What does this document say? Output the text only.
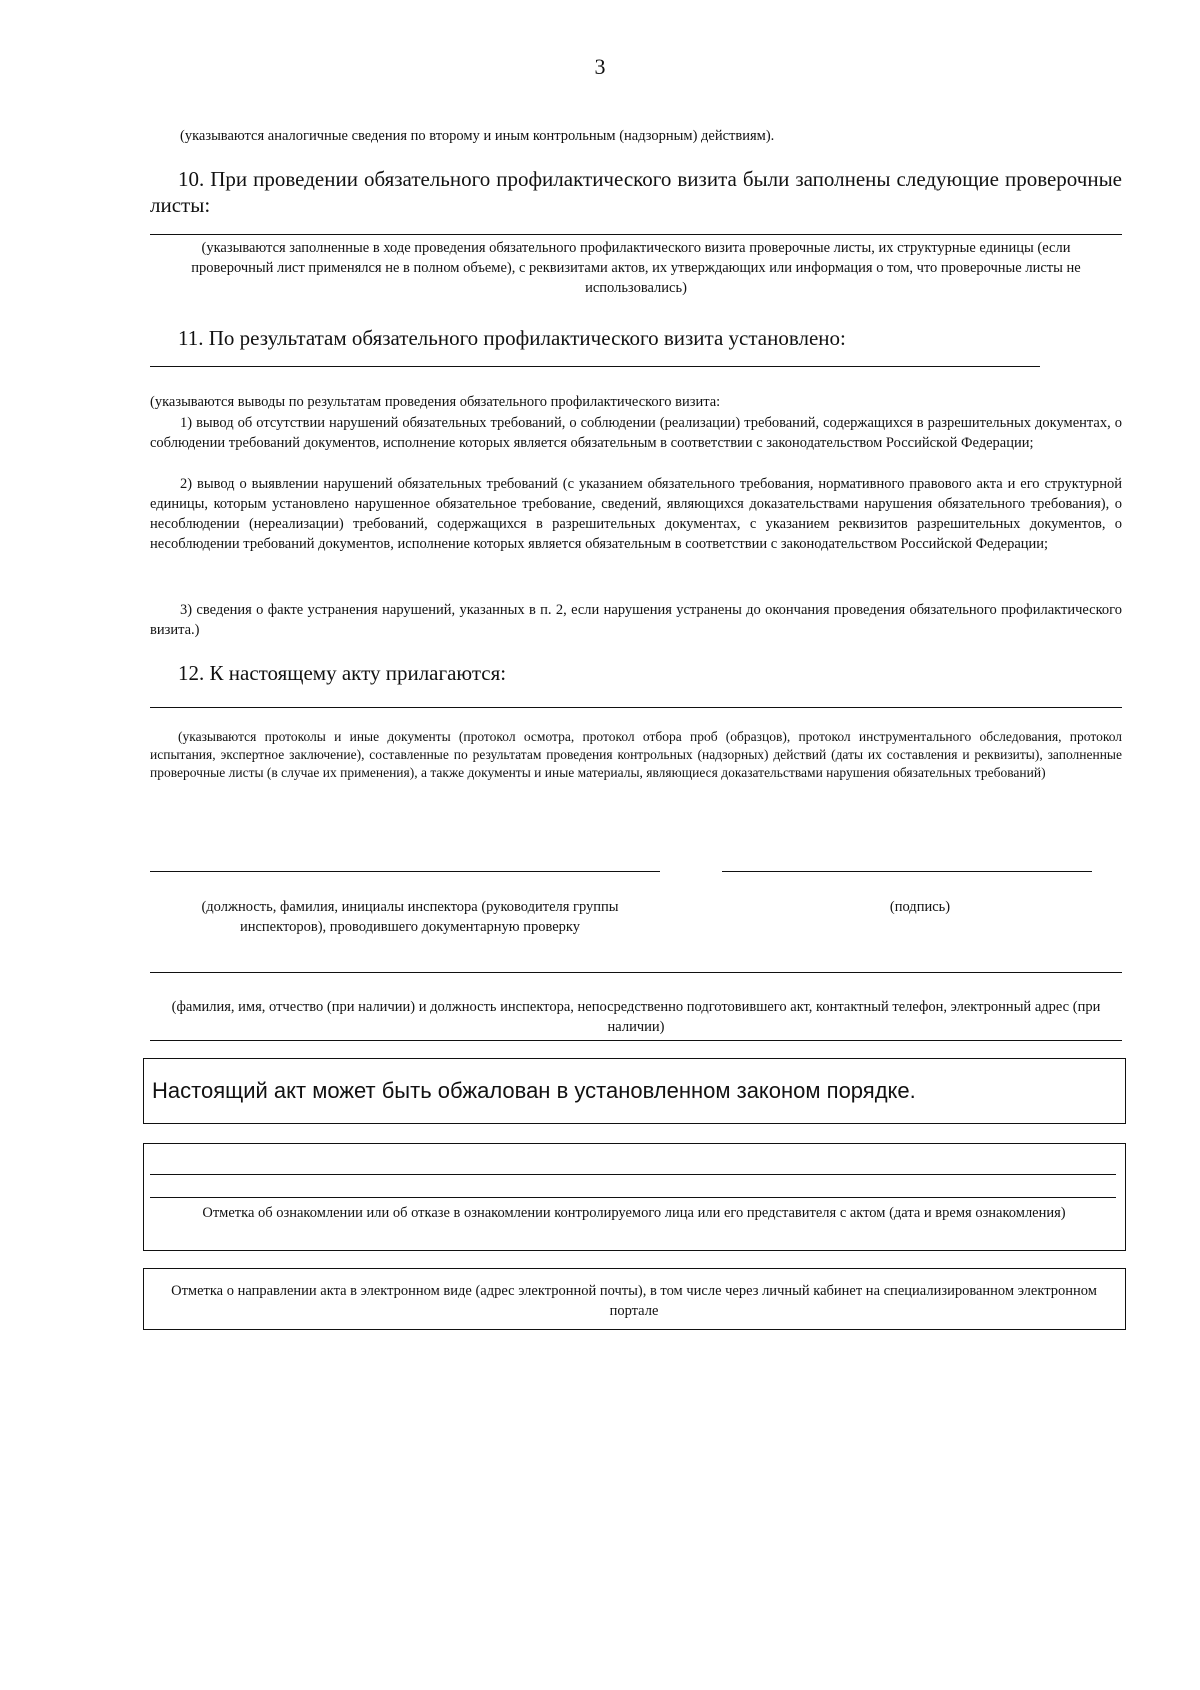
3
(указываются аналогичные сведения по второму и иным контрольным (надзорным) действиям).

10. При проведении обязательного профилактического визита были заполнены следующие проверочные листы:

(указываются заполненные в ходе проведения обязательного профилактического визита проверочные листы, их структурные единицы (если проверочный лист применялся не в полном объеме), с реквизитами актов, их утверждающих или информация о том, что проверочные листы не использовались)

11. По результатам обязательного профилактического визита установлено:

(указываются выводы по результатам проведения обязательного профилактического визита:

1) вывод об отсутствии нарушений обязательных требований, о соблюдении (реализации) требований, содержащихся в разрешительных документах, о соблюдении требований документов, исполнение которых является обязательным в соответствии с законодательством Российской Федерации;

2) вывод о выявлении нарушений обязательных требований (с указанием обязательного требования, нормативного правового акта и его структурной единицы, которым установлено нарушенное обязательное требование, сведений, являющихся доказательствами нарушения обязательного требования), о несоблюдении (нереализации) требований, содержащихся в разрешительных документах, с указанием реквизитов разрешительных документов, о несоблюдении требований документов, исполнение которых является обязательным в соответствии с законодательством Российской Федерации;

3) сведения о факте устранения нарушений, указанных в п. 2, если нарушения устранены до окончания проведения обязательного профилактического визита.)

12. К настоящему акту прилагаются:

(указываются протоколы и иные документы (протокол осмотра, протокол отбора проб (образцов), протокол инструментального обследования, протокол испытания, экспертное заключение), составленные по результатам проведения контрольных (надзорных) действий (даты их составления и реквизиты), заполненные проверочные листы (в случае их применения), а также документы и иные материалы, являющиеся доказательствами нарушения обязательных требований)

(должность, фамилия, инициалы инспектора (руководителя группы инспекторов), проводившего документарную проверку

(подпись)

(фамилия, имя, отчество (при наличии) и должность инспектора, непосредственно подготовившего акт, контактный телефон, электронный адрес (при наличии)

Настоящий акт может быть обжалован в установленном законом порядке.

Отметка об ознакомлении или об отказе в ознакомлении контролируемого лица или его представителя с актом (дата и время ознакомления)

Отметка о направлении акта в электронном виде (адрес электронной почты), в том числе через личный кабинет на специализированном электронном портале
